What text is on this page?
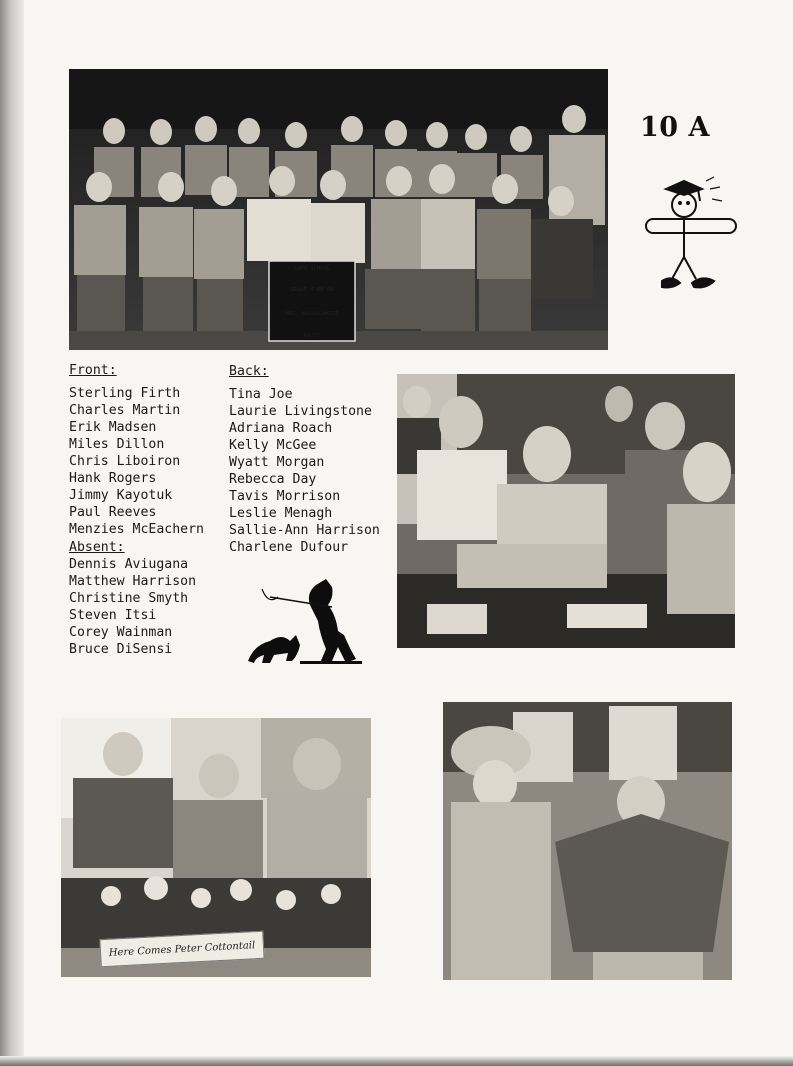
SAMS SCHOOL
GRADE 4 RM 6A
MRS. MUSSELWHITE
84/85
10 A
Front:
Sterling Firth
Charles Martin
Erik Madsen
Miles Dillon
Chris Liboiron
Hank Rogers
Jimmy Kayotuk
Paul Reeves
Menzies McEachern
Absent:
Dennis Aviugana
Matthew Harrison
Christine Smyth
Steven Itsi
Corey Wainman
Bruce DiSensi
Back:
Tina Joe
Laurie Livingstone
Adriana Roach
Kelly McGee
Wyatt Morgan
Rebecca Day
Tavis Morrison
Leslie Menagh
Sallie-Ann Harrison
Charlene Dufour
Here Comes Peter Cottontail
